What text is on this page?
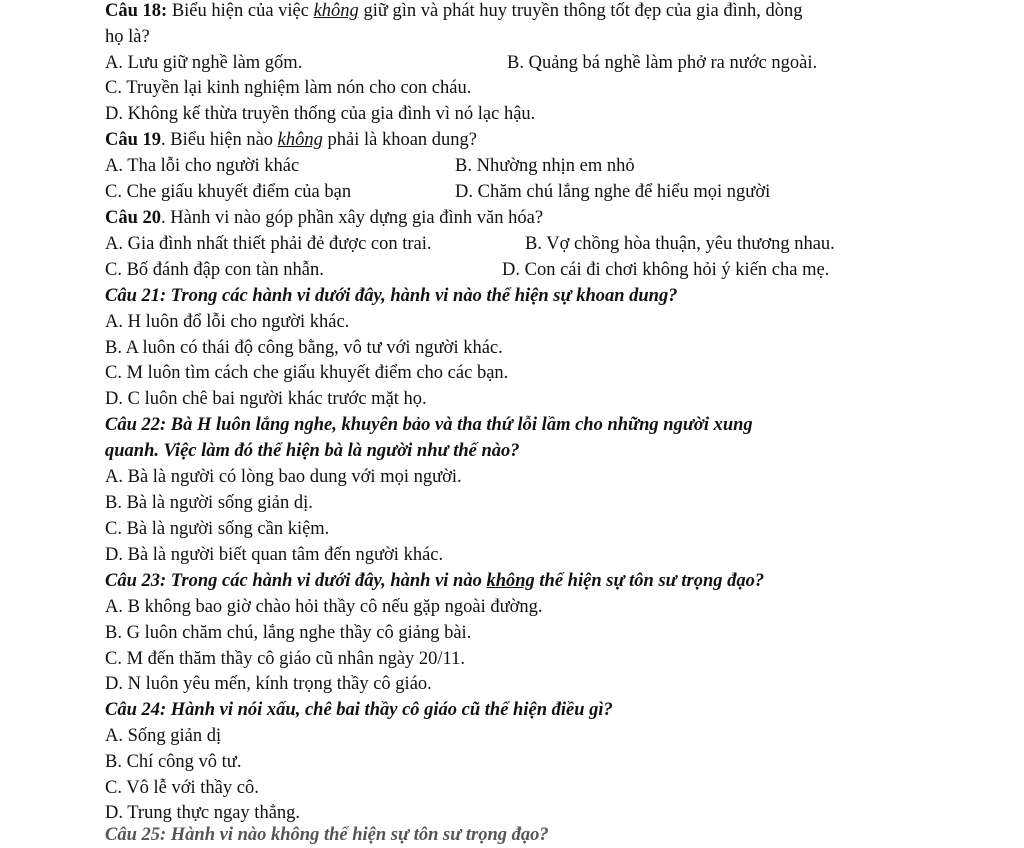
Câu 18: Biểu hiện của việc không giữ gìn và phát huy truyền thông tốt đẹp của gia đình, dòng
họ là?
A. Lưu giữ nghề làm gốm.	B. Quảng bá nghề làm phở ra nước ngoài.
C. Truyền lại kinh nghiệm làm nón cho con cháu.
D. Không kế thừa truyền thống của gia đình vì nó lạc hậu.
Câu 19. Biểu hiện nào không phải là khoan dung?
A. Tha lỗi cho người khác	B. Nhường nhịn em nhỏ
C. Che giấu khuyết điểm của bạn	D. Chăm chú lắng nghe để hiểu mọi người
Câu 20. Hành vi nào góp phần xây dựng gia đình văn hóa?
A. Gia đình nhất thiết phải đẻ được con trai.	B. Vợ chồng hòa thuận, yêu thương nhau.
C. Bố đánh đập con tàn nhẫn.	D. Con cái đi chơi không hỏi ý kiến cha mẹ.
Câu 21: Trong các hành vi dưới đây, hành vi nào thể hiện sự khoan dung?
A. H luôn đổ lỗi cho người khác.
B. A luôn có thái độ công bằng, vô tư với người khác.
C. M luôn tìm cách che giấu khuyết điểm cho các bạn.
D. C luôn chê bai người khác trước mặt họ.
Câu 22: Bà H luôn lắng nghe, khuyên bảo và tha thứ lỗi lầm cho những người xung
quanh. Việc làm đó thể hiện bà là người như thế nào?
A. Bà là người có lòng bao dung với mọi người.
B. Bà là người sống giản dị.
C. Bà là người sống cần kiệm.
D. Bà là người biết quan tâm đến người khác.
Câu 23: Trong các hành vi dưới đây, hành vi nào không thể hiện sự tôn sư trọng đạo?
A. B không bao giờ chào hỏi thầy cô nếu gặp ngoài đường.
B. G luôn chăm chú, lắng nghe thầy cô giảng bài.
C. M đến thăm thầy cô giáo cũ nhân ngày 20/11.
D. N luôn yêu mến, kính trọng thầy cô giáo.
Câu 24: Hành vi nói xấu, chê bai thầy cô giáo cũ thể hiện điều gì?
A. Sống giản dị
B. Chí công vô tư.
C. Vô lễ với thầy cô.
D. Trung thực ngay thẳng.
Câu 25: Hành vi nào không thể hiện sự tôn sư trọng đạo?
